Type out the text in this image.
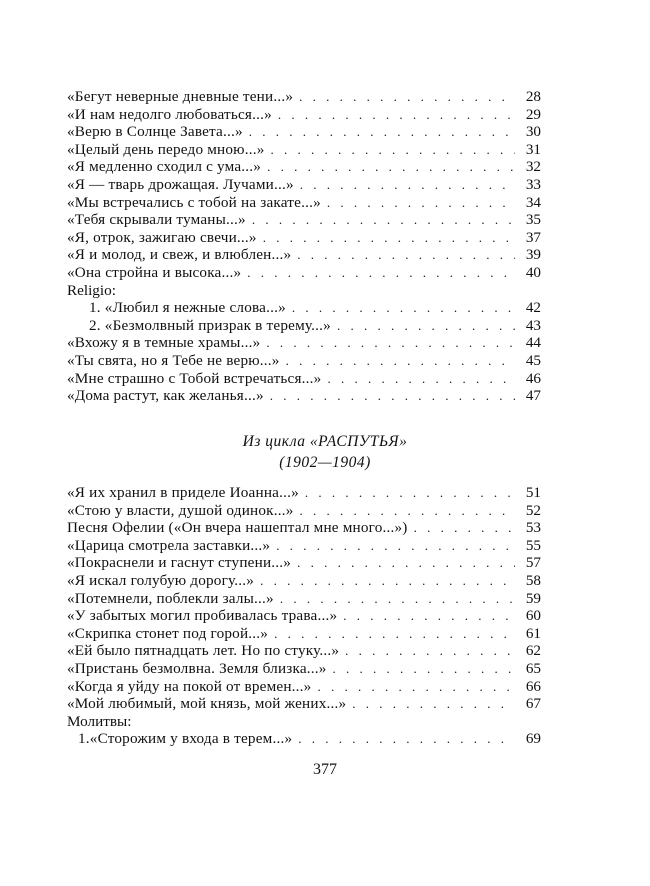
«Бегут неверные дневные тени...» . . .	28
«И нам недолго любоваться...» . . .	29
«Верю в Солнце Завета...» . . .	30
«Целый день передо мною...» . . .	31
«Я медленно сходил с ума...» . . .	32
«Я — тварь дрожащая. Лучами...» . . .	33
«Мы встречались с тобой на закате...» . . .	34
«Тебя скрывали туманы...» . . .	35
«Я, отрок, зажигаю свечи...» . . .	37
«Я и молод, и свеж, и влюблен...» . . .	39
«Она стройна и высока...» . . .	40
Religio:
1. «Любил я нежные слова...» . . .	42
2. «Безмолвный призрак в терему...» . . .	43
«Вхожу я в темные храмы...» . . .	44
«Ты свята, но я Тебе не верю...» . . .	45
«Мне страшно с Тобой встречаться...» . . .	46
«Дома растут, как желанья...» . . .	47
Из цикла «РАСПУТЬЯ»
(1902—1904)
«Я их хранил в приделе Иоанна...» . . .	51
«Стою у власти, душой одинок...» . . .	52
Песня Офелии («Он вчера нашептал мне много...») . . .	53
«Царица смотрела заставки...» . . .	55
«Покраснели и гаснут ступени...» . . .	57
«Я искал голубую дорогу...» . . .	58
«Потемнели, поблекли залы...» . . .	59
«У забытых могил пробивалась трава...» . . .	60
«Скрипка стонет под горой...» . . .	61
«Ей было пятнадцать лет. Но по стуку...» . . .	62
«Пристань безмолвна. Земля близка...» . . .	65
«Когда я уйду на покой от времен...» . . .	66
«Мой любимый, мой князь, мой жених...» . . .	67
Молитвы:
1.«Сторожим у входа в терем...» . . .	69
377
